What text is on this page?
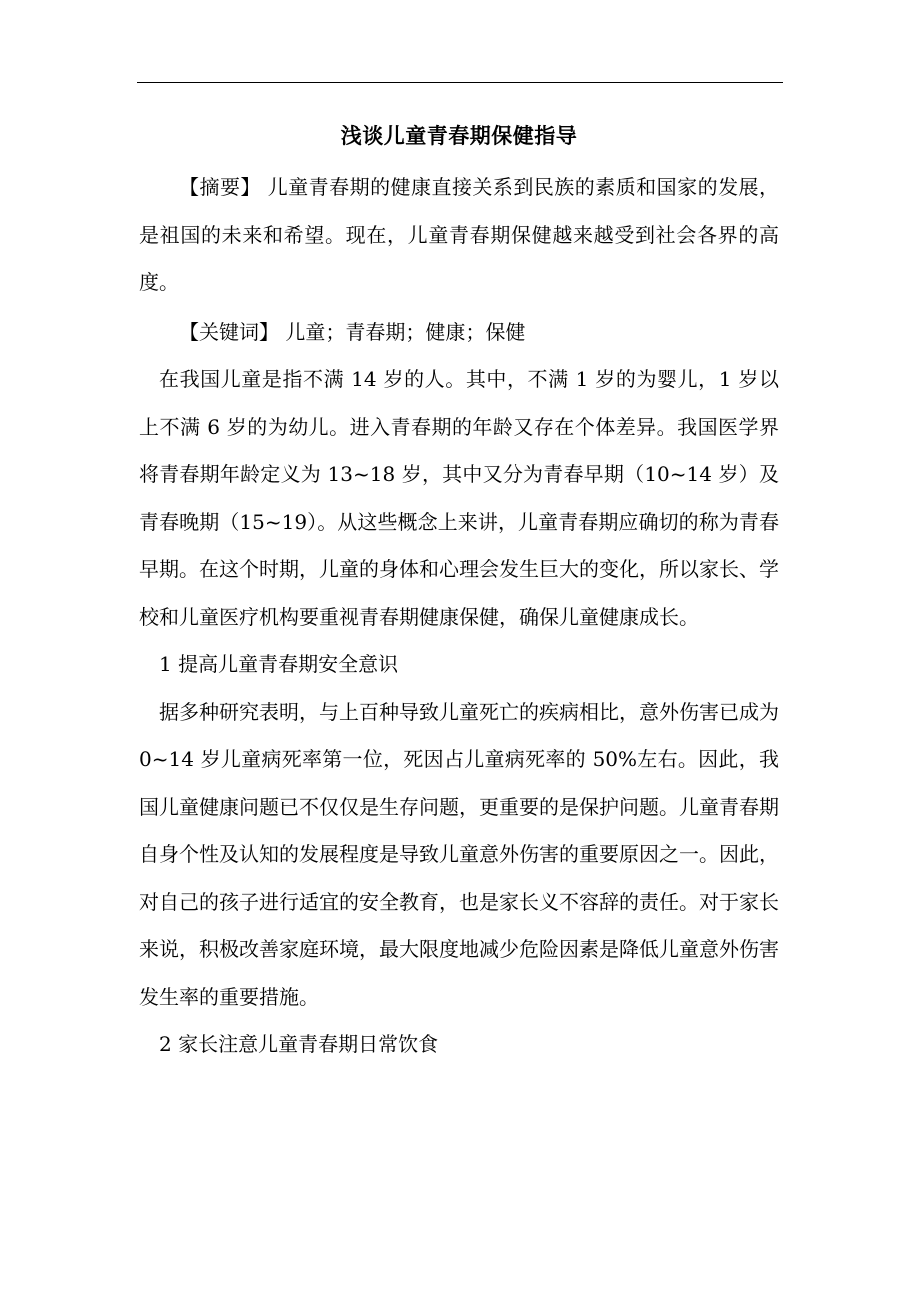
浅谈儿童青春期保健指导

【摘要】 儿童青春期的健康直接关系到民族的素质和国家的发展，是祖国的未来和希望。现在，儿童青春期保健越来越受到社会各界的高度。

【关键词】 儿童；青春期；健康；保健

在我国儿童是指不满 14 岁的人。其中，不满 1 岁的为婴儿，1 岁以上不满 6 岁的为幼儿。进入青春期的年龄又存在个体差异。我国医学界将青春期年龄定义为 13~18 岁，其中又分为青春早期（10~14 岁）及青春晚期（15~19）。从这些概念上来讲，儿童青春期应确切的称为青春早期。在这个时期，儿童的身体和心理会发生巨大的变化，所以家长、学校和儿童医疗机构要重视青春期健康保健，确保儿童健康成长。

1 提高儿童青春期安全意识

据多种研究表明，与上百种导致儿童死亡的疾病相比，意外伤害已成为 0~14 岁儿童病死率第一位，死因占儿童病死率的 50%左右。因此，我国儿童健康问题已不仅仅是生存问题，更重要的是保护问题。儿童青春期自身个性及认知的发展程度是导致儿童意外伤害的重要原因之一。因此，对自己的孩子进行适宜的安全教育，也是家长义不容辞的责任。对于家长来说，积极改善家庭环境，最大限度地减少危险因素是降低儿童意外伤害发生率的重要措施。

2 家长注意儿童青春期日常饮食
